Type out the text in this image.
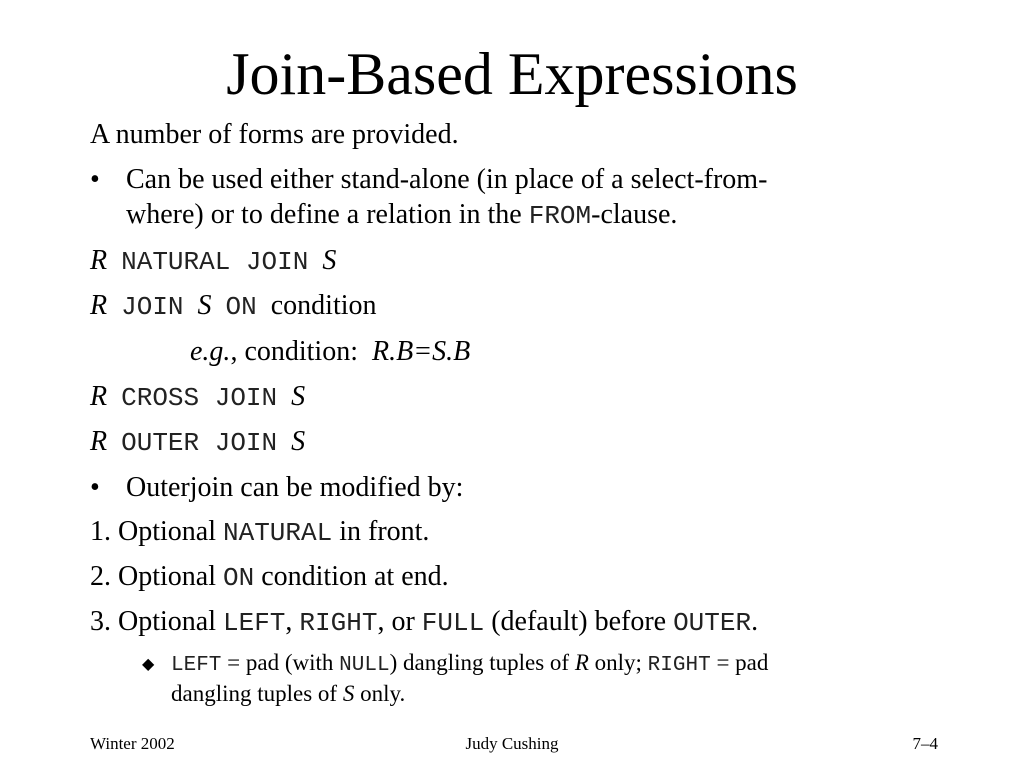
Join-Based Expressions
A number of forms are provided.
• Can be used either stand-alone (in place of a select-from-
where) or to define a relation in the FROM-clause.
R NATURAL JOIN S
R JOIN S ON condition
e.g., condition: R.B=S.B
R CROSS JOIN S
R OUTER JOIN S
• Outerjoin can be modified by:
1. Optional NATURAL in front.
2. Optional ON condition at end.
3. Optional LEFT, RIGHT, or FULL (default) before OUTER.
◆ LEFT = pad (with NULL) dangling tuples of R only; RIGHT = pad
dangling tuples of S only.
Winter 2002	Judy Cushing	7–4
